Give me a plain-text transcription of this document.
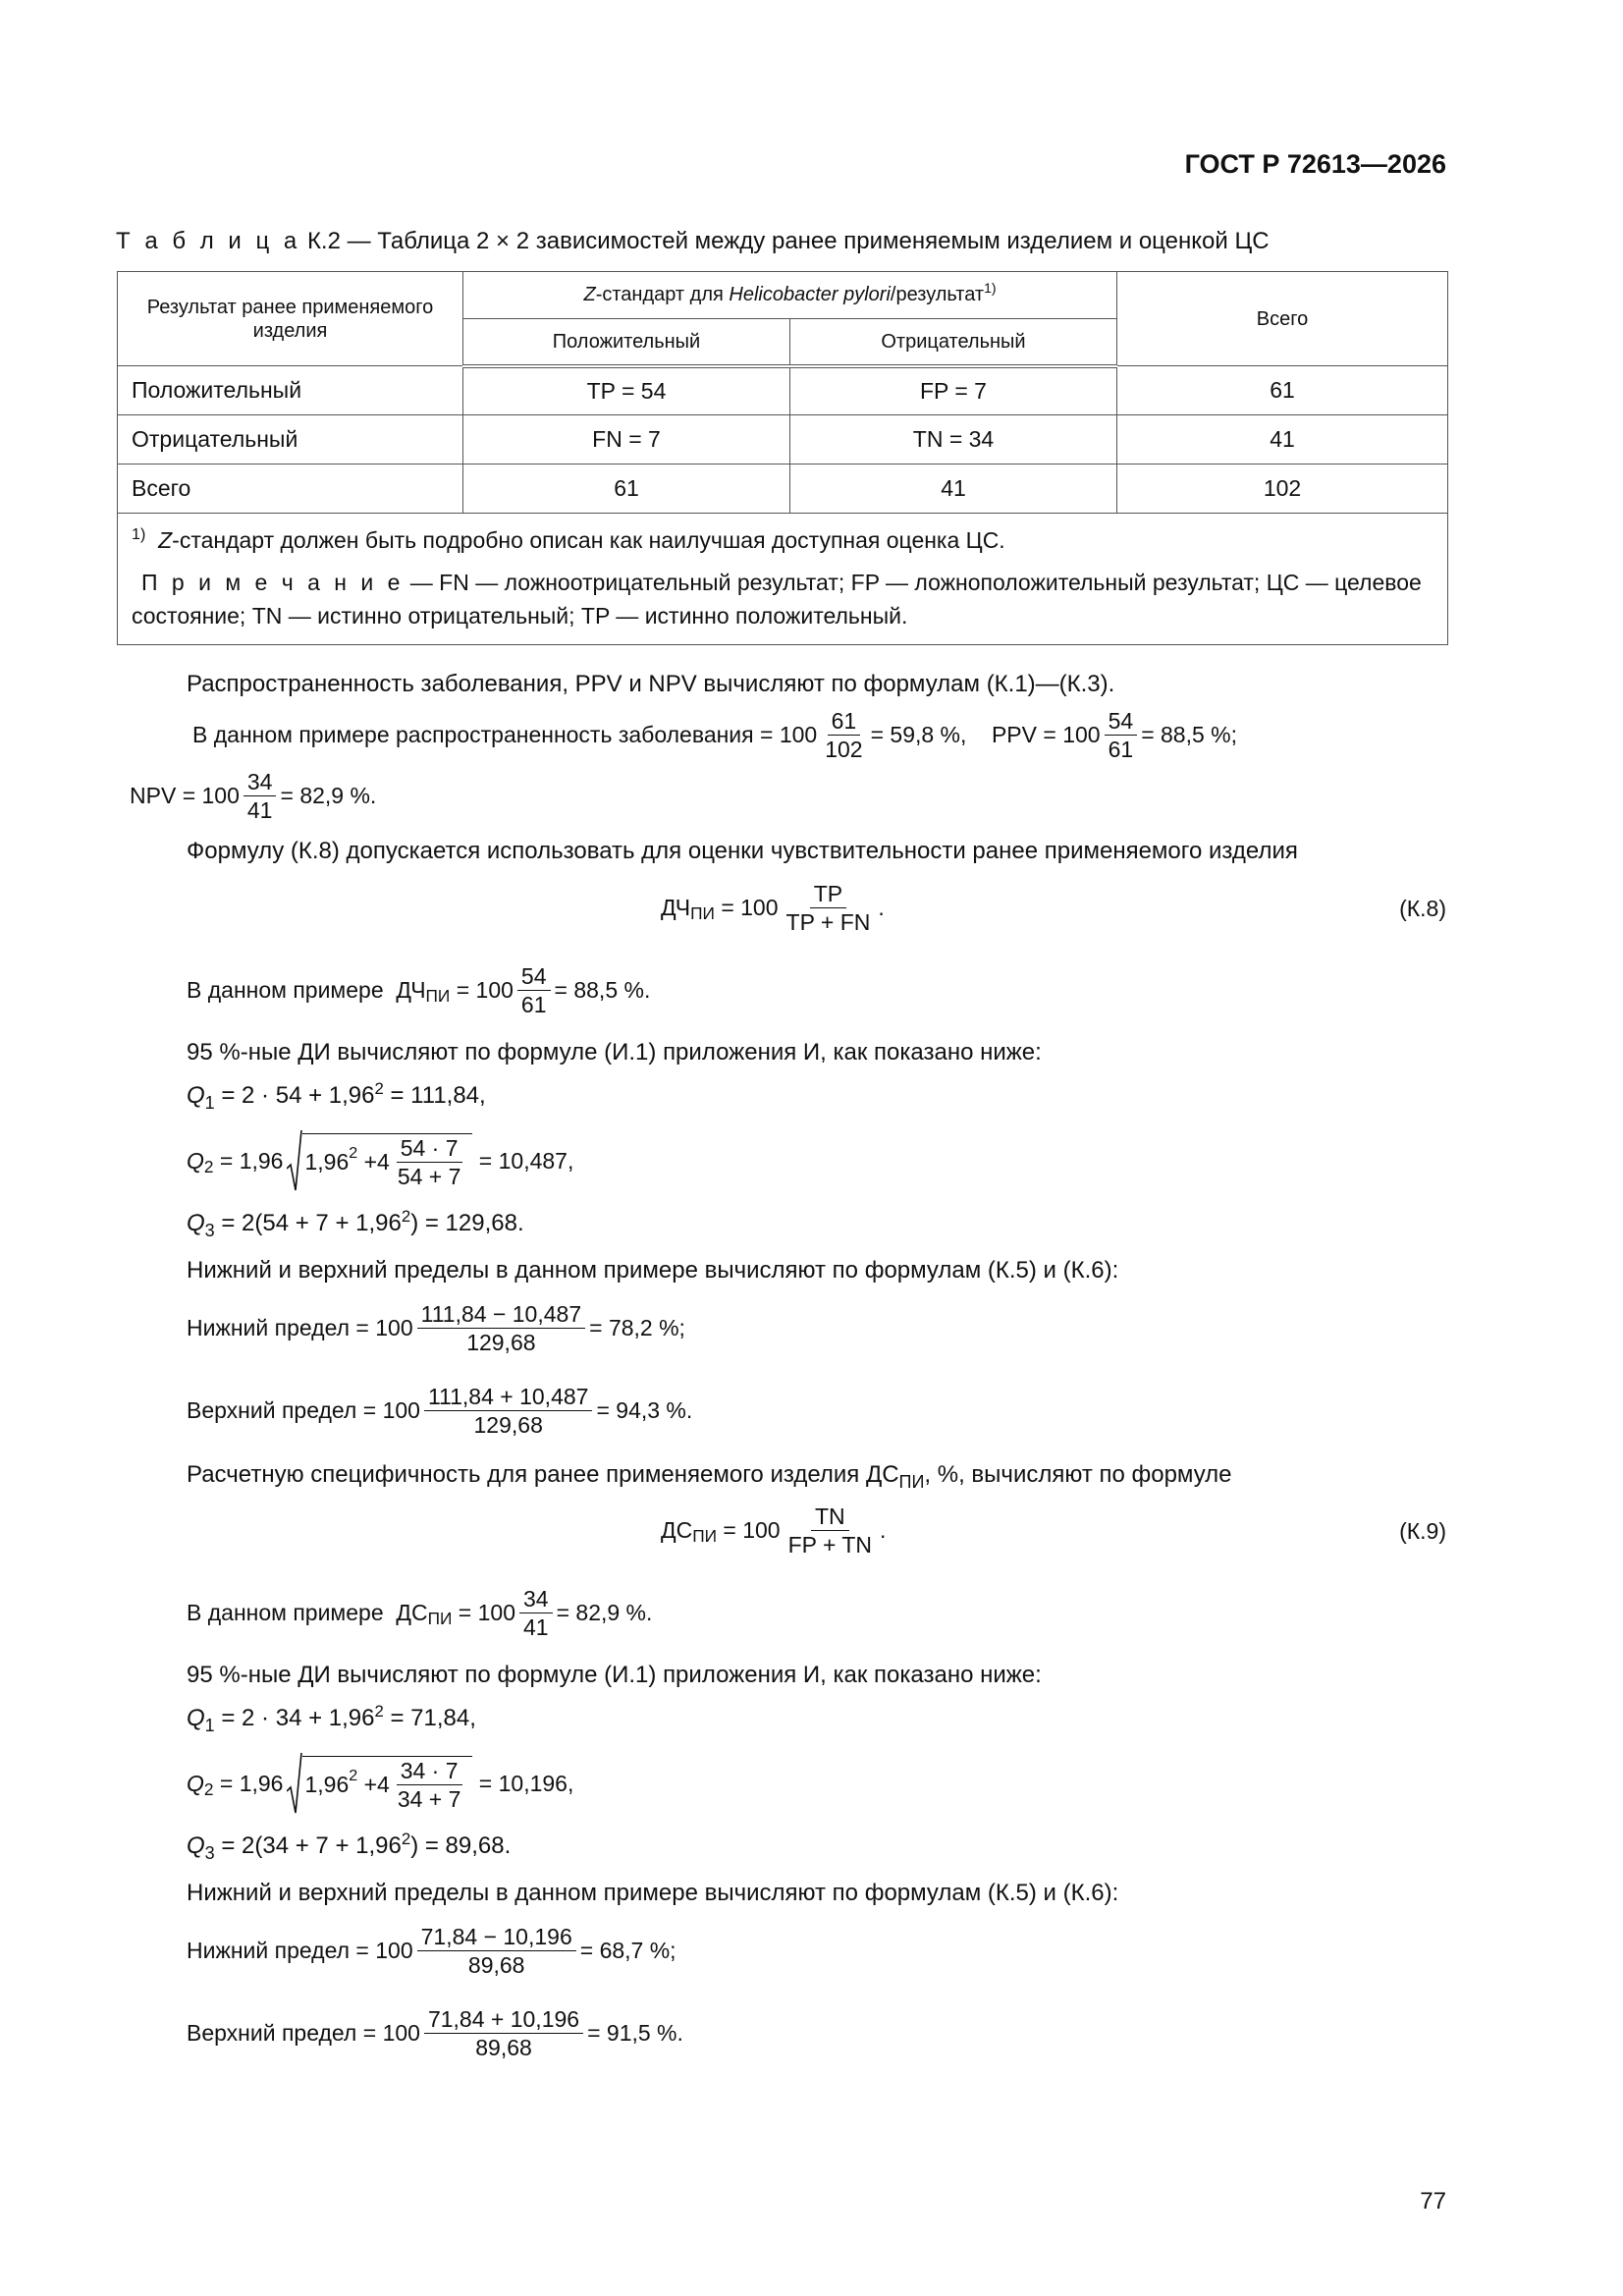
ГОСТ Р 72613—2026
Т а б л и ц а К.2 — Таблица 2 × 2 зависимостей между ранее применяемым изделием и оценкой ЦС
Результат ранее применяемого изделия	Z-стандарт для Helicobacter pylori/результат$^{1)}$		Всего
	Положительный	Отрицательный	
Положительный	TP = 54	FP = 7	61
Отрицательный	FN = 7	TN = 34	41
Всего	61	41	102

$^{1)}$ Z-стандарт должен быть подробно описан как наилучшая доступная оценка ЦС.

П р и м е ч а н и е — FN — ложноотрицательный результат; FP — ложноположительный результат; ЦС — целевое состояние; TN — истинно отрицательный; TP — истинно положительный.			

Распространенность заболевания, PPV и NPV вычисляют по формулам (К.1)—(К.3).
В данном примере распространенность заболевания
=
$100 \frac{61}{102}$ =
59,8 %,
PPV
=
$100 \frac{54}{61}$ =
88,5 %;
NPV
=
$100 \frac{34}{41}$ =
82,9 %.
Формулу (К.8) допускается использовать для оценки чувствительности ранее применяемого изделия
ДЧ ПИ
=
$100 \frac{TP}{TP + FN}$ .	(К.8)
В данном примере
ДЧ ПИ
=
$100 \frac{54}{61}$ =
88,5 %.
95 %-ные ДИ вычисляют по формуле (И.1) приложения И, как показано ниже:
$Q_1 = 2 \cdot 54 + 1,96^2 = 111,84$,
Q 2
=
1,96 1,96 2
$+4 \frac{54 \cdot 7}{54 + 7}$
=
10,487,
$Q_3 = 2(54 + 7 + 1,96^2) = 129,68$.
Нижний и верхний пределы в данном примере вычисляют по формулам (К.5) и (К.6):
Нижний предел
=
$100 \frac{111,84 - 10,487}{129,68}$ =
78,2 %;
Верхний предел
=
$100 \frac{111,84 + 10,487}{129,68}$ =
94,3 %.
Расчетную специфичность для ранее применяемого изделия $ДС_{ПИ}$, %, вычисляют по формуле
ДС ПИ
=
$100 \frac{TN}{FP + TN}$ .	(К.9)
В данном примере
ДС ПИ
=
$100 \frac{34}{41}$ =
82,9 %.
95 %-ные ДИ вычисляют по формуле (И.1) приложения И, как показано ниже:
$Q_1 = 2 \cdot 34 + 1,96^2 = 71,84$,
Q 2
=
1,96 1,96 2
$+4 \frac{34 \cdot 7}{34 + 7}$
=
10,196,
$Q_3 = 2(34 + 7 + 1,96^2) = 89,68$.
Нижний и верхний пределы в данном примере вычисляют по формулам (К.5) и (К.6):
Нижний предел
=
$100 \frac{71,84 - 10,196}{89,68}$ =
68,7 %;
Верхний предел
=
$100 \frac{71,84 + 10,196}{89,68}$ =
91,5 %.
77
